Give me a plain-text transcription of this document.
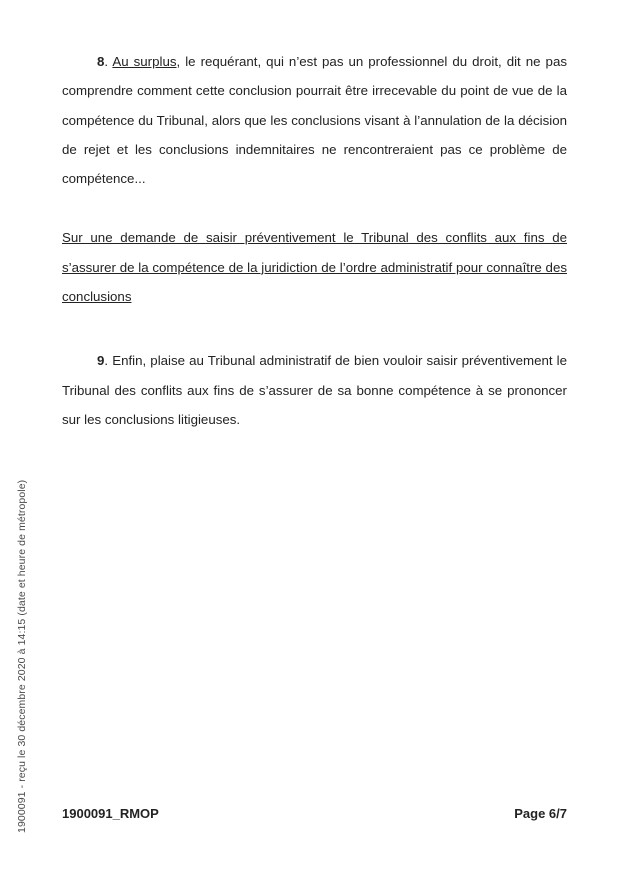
1900091 - reçu le 30 décembre 2020 à 14:15 (date et heure de métropole)

8. Au surplus, le requérant, qui n’est pas un professionnel du droit, dit ne pas comprendre comment cette conclusion pourrait être irrecevable du point de vue de la compétence du Tribunal, alors que les conclusions visant à l’annulation de la décision de rejet et les conclusions indemnitaires ne rencontreraient pas ce problème de compétence...

Sur une demande de saisir préventivement le Tribunal des conflits aux fins de s’assurer de la compétence de la juridiction de l’ordre administratif pour connaître des conclusions

9. Enfin, plaise au Tribunal administratif de bien vouloir saisir préventivement le Tribunal des conflits aux fins de s’assurer de sa bonne compétence à se prononcer sur les conclusions litigieuses.

1900091_RMOP	Page 6/7
